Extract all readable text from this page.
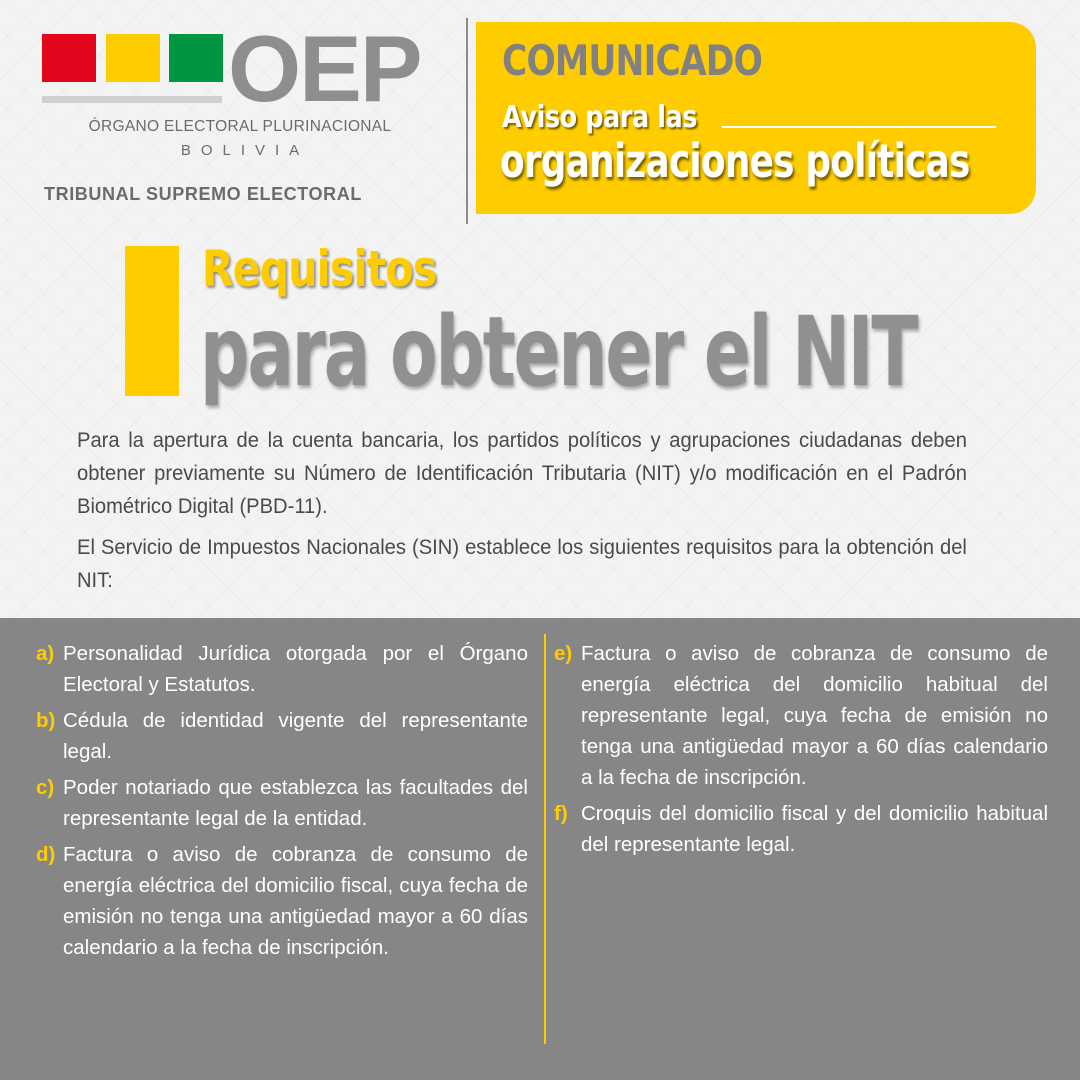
OEP
ÓRGANO ELECTORAL PLURINACIONAL
BOLIVIA
TRIBUNAL SUPREMO ELECTORAL
COMUNICADO
Aviso para las
organizaciones políticas
Requisitos
para obtener el NIT

Para la apertura de la cuenta bancaria, los partidos políticos y agrupaciones ciudadanas deben obtener previamente su Número de Identificación Tributaria (NIT) y/o modificación en el Padrón Biométrico Digital (PBD-11).

El Servicio de Impuestos Nacionales (SIN) establece los siguientes requisitos para la obtención del NIT:

a) Personalidad Jurídica otorgada por el Órgano Electoral y Estatutos.
b) Cédula de identidad vigente del representante legal.
c) Poder notariado que establezca las facultades del representante legal de la entidad.
d) Factura o aviso de cobranza de consumo de energía eléctrica del domicilio fiscal, cuya fecha de emisión no tenga una antigüedad mayor a 60 días calendario a la fecha de inscripción.
e) Factura o aviso de cobranza de consumo de energía eléctrica del domicilio habitual del representante legal, cuya fecha de emisión no tenga una antigüedad mayor a 60 días calendario a la fecha de inscripción.
f) Croquis del domicilio fiscal y del domicilio habitual del representante legal.
